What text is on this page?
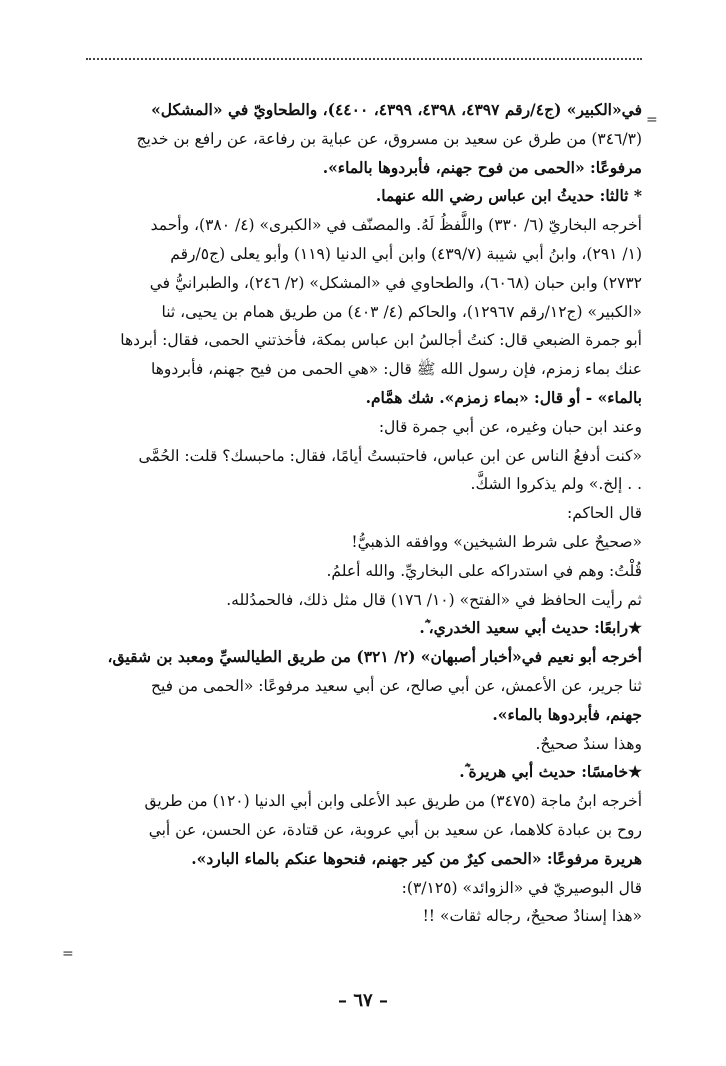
=
=
في«الكبير» (ج٤/رقم ٤٣٩٧، ٤٣٩٨، ٤٣٩٩، ٤٤٠٠)، والطحاويّ في «المشكل»
(٣٤٦/٣) من طرق عن سعيد بن مسروق، عن عباية بن رفاعة، عن رافع بن خديج
مرفوعًا: «الحمى من فوح جهنم، فأبردوها بالماء».
* ثالثا: حديثُ ابن عباس رضي الله عنهما.
أخرجه البخاريّ (٦/ ٣٣٠) واللَّفظُ لَهُ. والمصنّف في «الكبرى» (٤/ ٣٨٠)، وأحمد
(١/ ٢٩١)، وابنُ أبي شيبة (٤٣٩/٧) وابن أبي الدنيا (١١٩) وأبو يعلى (ج٥/رقم
٢٧٣٢) وابن حبان (٦٠٦٨)، والطحاوي في «المشكل» (٢/ ٢٤٦)، والطبرانيُّ في
«الكبير» (ج١٢/رقم ١٢٩٦٧)، والحاكم (٤/ ٤٠٣) من طريق همام بن يحيى، ثنا
أبو جمرة الضبعي قال: كنتُ أجالسُ ابن عباس بمكة، فأخذتني الحمى، فقال: أبردها
عنك بماء زمزم، فإن رسول الله ﷺ قال: «هي الحمى من فيح جهنم، فأبردوها
بالماء» - أو قال: «بماء زمزم». شك همَّام.
وعند ابن حبان وغيره، عن أبي جمرة قال:
«كنت أدفعُ الناس عن ابن عباس، فاحتبستُ أيامًا، فقال: ماحبسك؟ قلت: الحُمَّى
. . إلخ.» ولم يذكروا الشكَّ.
قال الحاكم:
«صحيحٌ على شرط الشيخين» ووافقه الذهبيُّ!
قُلْتُ: وهم في استدراكه على البخاريِّ. والله أعلمُ.
ثم رأيت الحافظ في «الفتح» (١٠/ ١٧٦) قال مثل ذلك، فالحمدُلله.
★رابعًا: حديث أبي سعيد الخدري، ؓ.
أخرجه أبو نعيم في«أخبار أصبهان» (٢/ ٣٢١) من طريق الطيالسيِّ ومعبد بن شقيق،
ثنا جرير، عن الأعمش، عن أبي صالح، عن أبي سعيد مرفوعًا: «الحمى من فيح
جهنم، فأبردوها بالماء».
وهذا سندٌ صحيحٌ.
★خامسًا: حديث أبي هريرة ؓ.
أخرجه ابنُ ماجة (٣٤٧٥) من طريق عبد الأعلى وابن أبي الدنيا (١٢٠) من طريق
روح بن عبادة كلاهما، عن سعيد بن أبي عروبة، عن قتادة، عن الحسن، عن أبي
هريرة مرفوعًا: «الحمى كيرٌ من كير جهنم، فنحوها عنكم بالماء البارد».
قال البوصيريّ في «الزوائد» (٣/١٢٥):
«هذا إسنادٌ صحيحٌ، رجاله ثقات» !!
– ٦٧ –
